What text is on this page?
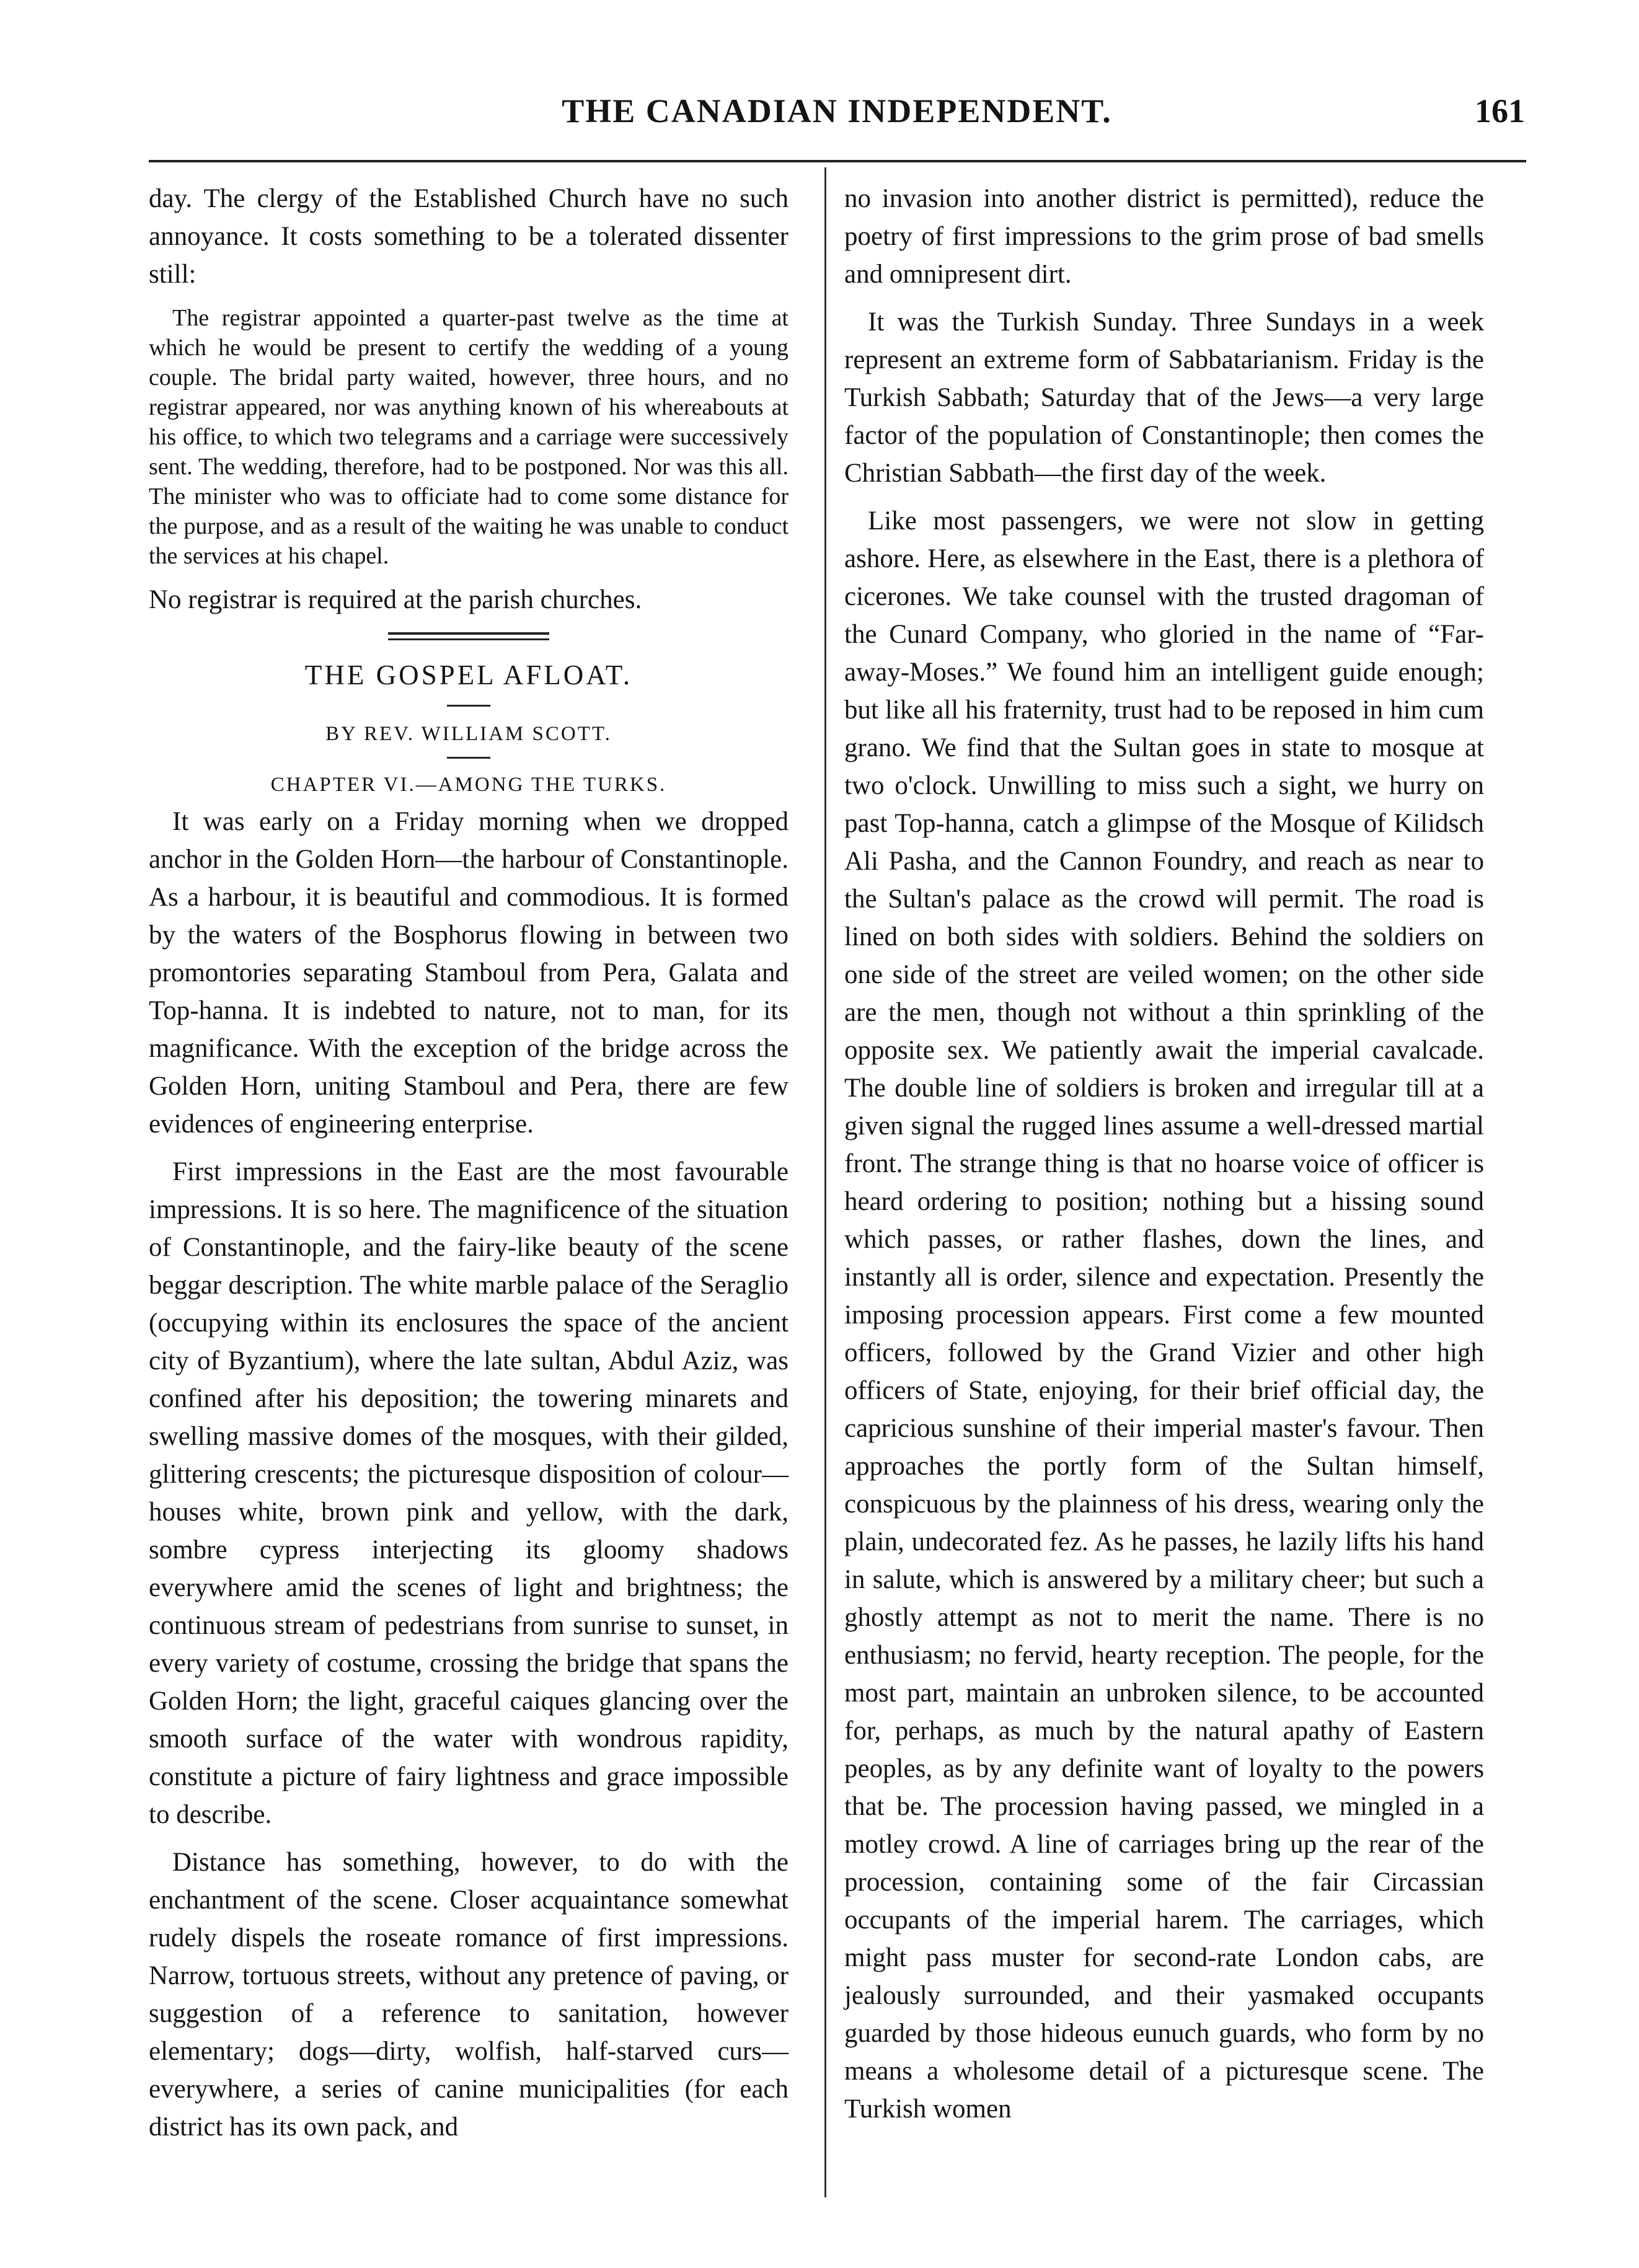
THE CANADIAN INDEPENDENT.	161

day. The clergy of the Established Church have no such annoyance. It costs something to be a tolerated dissenter still:

The registrar appointed a quarter-past twelve as the time at which he would be present to certify the wedding of a young couple. The bridal party waited, however, three hours, and no registrar appeared, nor was anything known of his whereabouts at his office, to which two telegrams and a carriage were successively sent. The wedding, therefore, had to be postponed. Nor was this all. The minister who was to officiate had to come some distance for the purpose, and as a result of the waiting he was unable to conduct the services at his chapel.

No registrar is required at the parish churches.

THE GOSPEL AFLOAT.

BY REV. WILLIAM SCOTT.

CHAPTER VI.—AMONG THE TURKS.

It was early on a Friday morning when we dropped anchor in the Golden Horn—the harbour of Constantinople. As a harbour, it is beautiful and commodious. It is formed by the waters of the Bosphorus flowing in between two promontories separating Stamboul from Pera, Galata and Top-hanna. It is indebted to nature, not to man, for its magnificance. With the exception of the bridge across the Golden Horn, uniting Stamboul and Pera, there are few evidences of engineering enterprise.

First impressions in the East are the most favourable impressions. It is so here. The magnificence of the situation of Constantinople, and the fairy-like beauty of the scene beggar description. The white marble palace of the Seraglio (occupying within its enclosures the space of the ancient city of Byzantium), where the late sultan, Abdul Aziz, was confined after his deposition; the towering minarets and swelling massive domes of the mosques, with their gilded, glittering crescents; the picturesque disposition of colour—houses white, brown pink and yellow, with the dark, sombre cypress interjecting its gloomy shadows everywhere amid the scenes of light and brightness; the continuous stream of pedestrians from sunrise to sunset, in every variety of costume, crossing the bridge that spans the Golden Horn; the light, graceful caiques glancing over the smooth surface of the water with wondrous rapidity, constitute a picture of fairy lightness and grace impossible to describe.

Distance has something, however, to do with the enchantment of the scene. Closer acquaintance somewhat rudely dispels the roseate romance of first impressions. Narrow, tortuous streets, without any pretence of paving, or suggestion of a reference to sanitation, however elementary; dogs—dirty, wolfish, half-starved curs—everywhere, a series of canine municipalities (for each district has its own pack, and

no invasion into another district is permitted), reduce the poetry of first impressions to the grim prose of bad smells and omnipresent dirt.

It was the Turkish Sunday. Three Sundays in a week represent an extreme form of Sabbatarianism. Friday is the Turkish Sabbath; Saturday that of the Jews—a very large factor of the population of Constantinople; then comes the Christian Sabbath—the first day of the week.

Like most passengers, we were not slow in getting ashore. Here, as elsewhere in the East, there is a plethora of cicerones. We take counsel with the trusted dragoman of the Cunard Company, who gloried in the name of “Far-away-Moses.” We found him an intelligent guide enough; but like all his fraternity, trust had to be reposed in him cum grano. We find that the Sultan goes in state to mosque at two o'clock. Unwilling to miss such a sight, we hurry on past Top-hanna, catch a glimpse of the Mosque of Kilidsch Ali Pasha, and the Cannon Foundry, and reach as near to the Sultan's palace as the crowd will permit. The road is lined on both sides with soldiers. Behind the soldiers on one side of the street are veiled women; on the other side are the men, though not without a thin sprinkling of the opposite sex. We patiently await the imperial cavalcade. The double line of soldiers is broken and irregular till at a given signal the rugged lines assume a well-dressed martial front. The strange thing is that no hoarse voice of officer is heard ordering to position; nothing but a hissing sound which passes, or rather flashes, down the lines, and instantly all is order, silence and expectation. Presently the imposing procession appears. First come a few mounted officers, followed by the Grand Vizier and other high officers of State, enjoying, for their brief official day, the capricious sunshine of their imperial master's favour. Then approaches the portly form of the Sultan himself, conspicuous by the plainness of his dress, wearing only the plain, undecorated fez. As he passes, he lazily lifts his hand in salute, which is answered by a military cheer; but such a ghostly attempt as not to merit the name. There is no enthusiasm; no fervid, hearty reception. The people, for the most part, maintain an unbroken silence, to be accounted for, perhaps, as much by the natural apathy of Eastern peoples, as by any definite want of loyalty to the powers that be. The procession having passed, we mingled in a motley crowd. A line of carriages bring up the rear of the procession, containing some of the fair Circassian occupants of the imperial harem. The carriages, which might pass muster for second-rate London cabs, are jealously surrounded, and their yasmaked occupants guarded by those hideous eunuch guards, who form by no means a wholesome detail of a picturesque scene. The Turkish women
